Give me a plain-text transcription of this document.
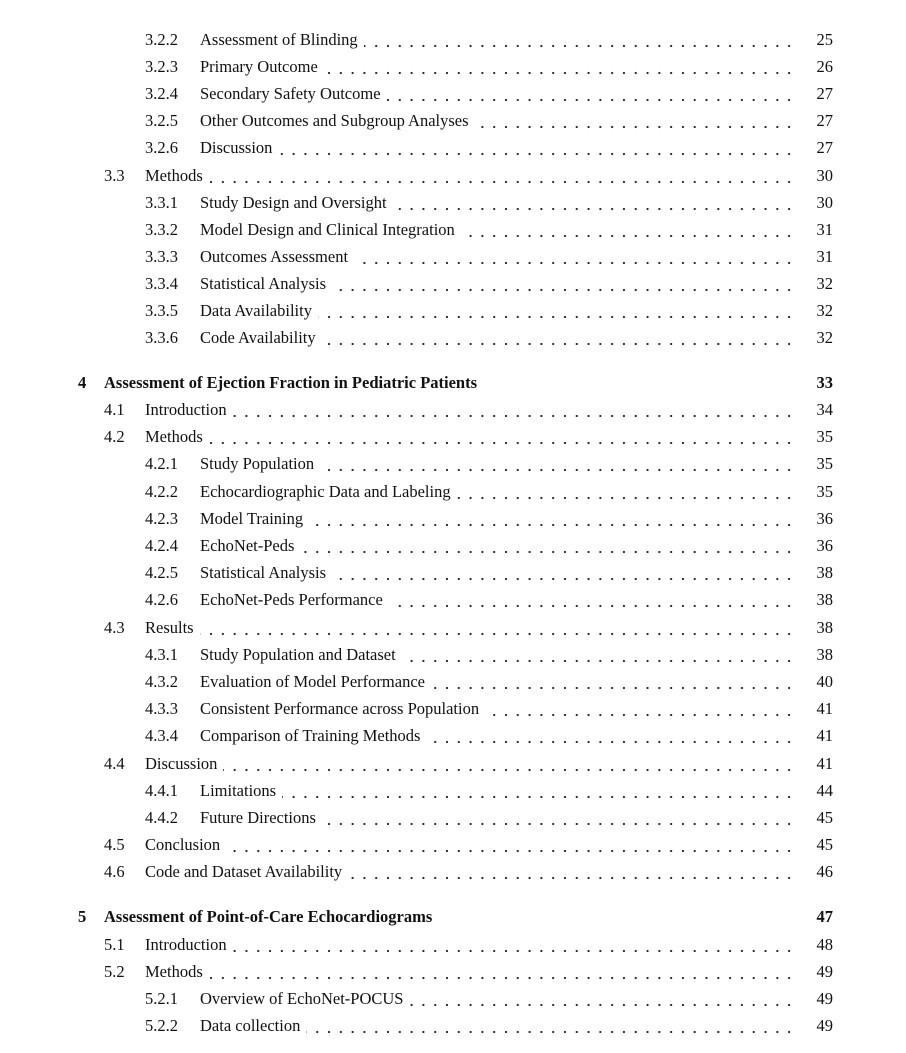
3.2.2 Assessment of Blinding	25
3.2.3 Primary Outcome	26
3.2.4 Secondary Safety Outcome	27
3.2.5 Other Outcomes and Subgroup Analyses	27
3.2.6 Discussion	27
3.3 Methods	30
3.3.1 Study Design and Oversight	30
3.3.2 Model Design and Clinical Integration	31
3.3.3 Outcomes Assessment	31
3.3.4 Statistical Analysis	32
3.3.5 Data Availability	32
3.3.6 Code Availability	32
4 Assessment of Ejection Fraction in Pediatric Patients	33
4.1 Introduction	34
4.2 Methods	35
4.2.1 Study Population	35
4.2.2 Echocardiographic Data and Labeling	35
4.2.3 Model Training	36
4.2.4 EchoNet-Peds	36
4.2.5 Statistical Analysis	38
4.2.6 EchoNet-Peds Performance	38
4.3 Results	38
4.3.1 Study Population and Dataset	38
4.3.2 Evaluation of Model Performance	40
4.3.3 Consistent Performance across Population	41
4.3.4 Comparison of Training Methods	41
4.4 Discussion	41
4.4.1 Limitations	44
4.4.2 Future Directions	45
4.5 Conclusion	45
4.6 Code and Dataset Availability	46
5 Assessment of Point-of-Care Echocardiograms	47
5.1 Introduction	48
5.2 Methods	49
5.2.1 Overview of EchoNet-POCUS	49
5.2.2 Data collection	49
